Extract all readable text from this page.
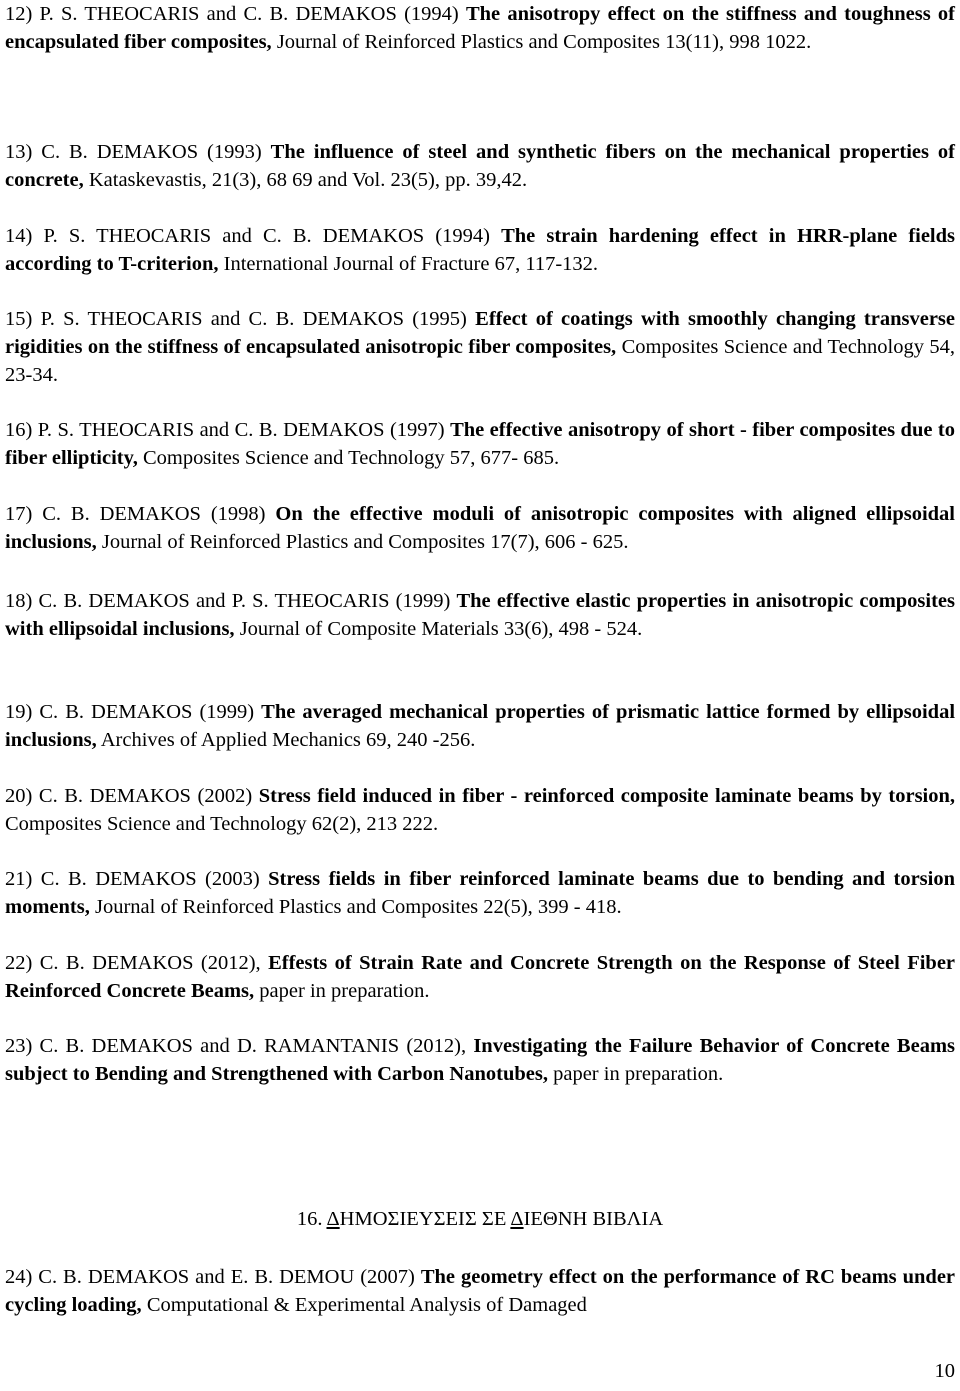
12) P. S. THEOCARIS and C. B. DEMAKOS (1994) The anisotropy effect on the stiffness and toughness of encapsulated fiber composites, Journal of Reinforced Plastics and Composites 13(11), 998 1022.

13) C. B. DEMAKOS (1993) The influence of steel and synthetic fibers on the mechanical properties of concrete, Kataskevastis, 21(3), 68 69 and Vol. 23(5), pp. 39,42.

14) P. S. THEOCARIS and C. B. DEMAKOS (1994) The strain hardening effect in HRR-plane fields according to T-criterion, International Journal of Fracture 67, 117-132.

15) P. S. THEOCARIS and C. B. DEMAKOS (1995) Effect of coatings with smoothly changing transverse rigidities on the stiffness of encapsulated anisotropic fiber composites, Composites Science and Technology 54, 23-34.

16) P. S. THEOCARIS and C. B. DEMAKOS (1997) The effective anisotropy of short - fiber composites due to fiber ellipticity, Composites Science and Technology 57, 677- 685.

17) C. B. DEMAKOS (1998) On the effective moduli of anisotropic composites with aligned ellipsoidal inclusions, Journal of Reinforced Plastics and Composites 17(7), 606 - 625.

18) C. B. DEMAKOS and P. S. THEOCARIS (1999) The effective elastic properties in anisotropic composites with ellipsoidal inclusions, Journal of Composite Materials 33(6), 498 - 524.

19) C. B. DEMAKOS (1999) The averaged mechanical properties of prismatic lattice formed by ellipsoidal inclusions, Archives of Applied Mechanics 69, 240 -256.

20) C. B. DEMAKOS (2002) Stress field induced in fiber - reinforced composite laminate beams by torsion, Composites Science and Technology 62(2), 213 222.

21) C. B. DEMAKOS (2003) Stress fields in fiber reinforced laminate beams due to bending and torsion moments, Journal of Reinforced Plastics and Composites 22(5), 399 - 418.

22) C. B. DEMAKOS (2012), Effests of Strain Rate and Concrete Strength on the Response of Steel Fiber Reinforced Concrete Beams, paper in preparation.

23) C. B. DEMAKOS and D. RAMANTANIS (2012), Investigating the Failure Behavior of Concrete Beams subject to Bending and Strengthened with Carbon Nanotubes, paper in preparation.

16. ΔΗΜΟΣΙΕΥΣΕΙΣ ΣΕ ΔΙΕΘΝΗ ΒΙΒΛΙΑ

24) C. B. DEMAKOS and E. B. DEMOU (2007) The geometry effect on the performance of RC beams under cycling loading, Computational & Experimental Analysis of Damaged

10
